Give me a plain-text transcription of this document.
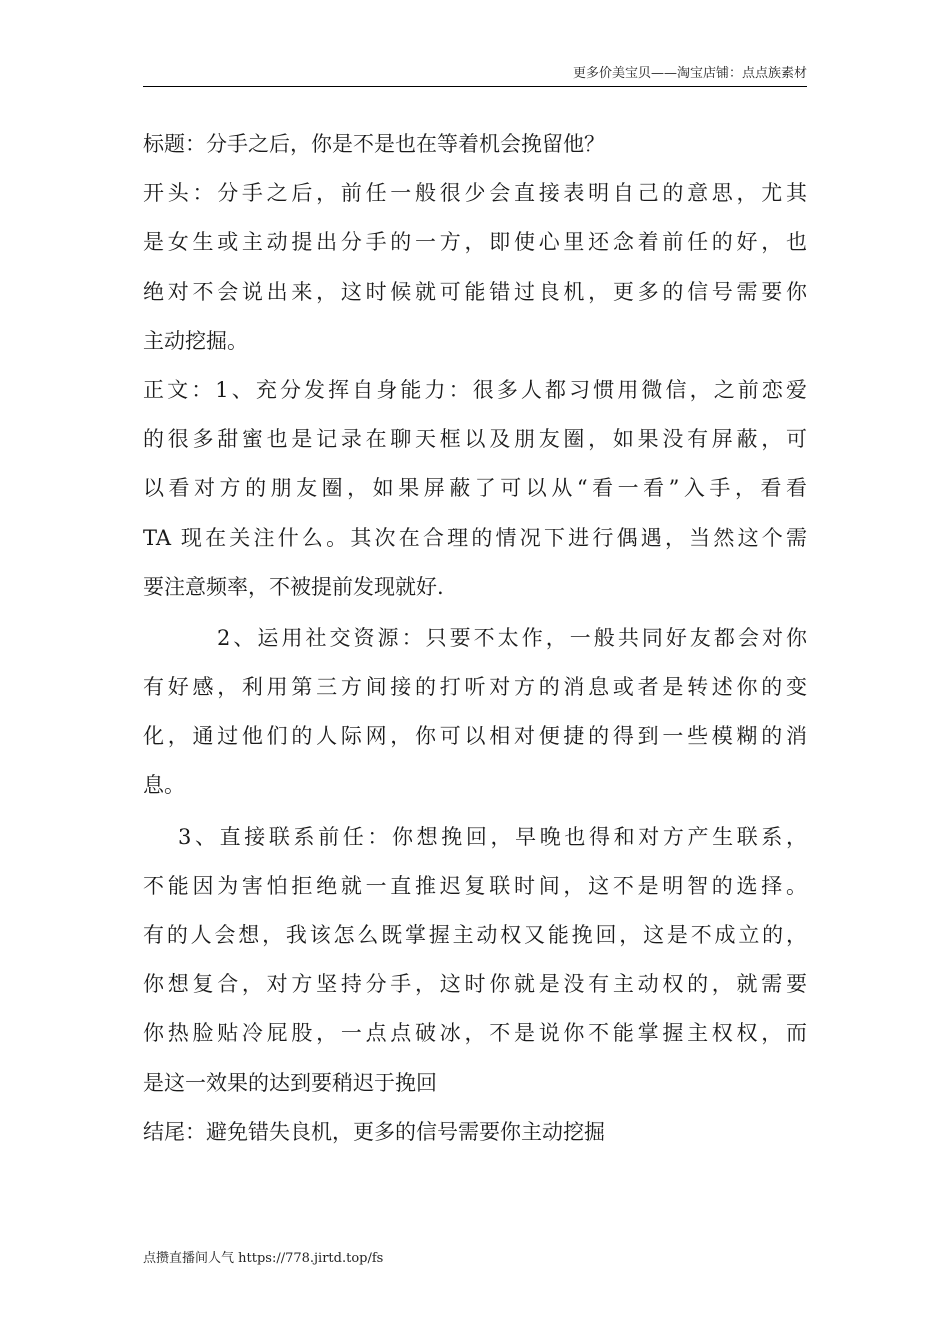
更多价美宝贝——淘宝店铺：点点族素材
标题：分手之后，你是不是也在等着机会挽留他？
开头：分手之后，前任一般很少会直接表明自己的意思，尤其
是女生或主动提出分手的一方，即使心里还念着前任的好，也
绝对不会说出来，这时候就可能错过良机，更多的信号需要你
主动挖掘。
正文：1、充分发挥自身能力：很多人都习惯用微信，之前恋爱
的很多甜蜜也是记录在聊天框以及朋友圈，如果没有屏蔽，可
以看对方的朋友圈，如果屏蔽了可以从“看一看”入手，看看
TA 现在关注什么。其次在合理的情况下进行偶遇，当然这个需
要注意频率，不被提前发现就好.
2、运用社交资源：只要不太作，一般共同好友都会对你
有好感，利用第三方间接的打听对方的消息或者是转述你的变
化，通过他们的人际网，你可以相对便捷的得到一些模糊的消
息。
3、直接联系前任：你想挽回，早晚也得和对方产生联系，
不能因为害怕拒绝就一直推迟复联时间，这不是明智的选择。
有的人会想，我该怎么既掌握主动权又能挽回，这是不成立的，
你想复合，对方坚持分手，这时你就是没有主动权的，就需要
你热脸贴冷屁股，一点点破冰，不是说你不能掌握主权权，而
是这一效果的达到要稍迟于挽回
结尾：避免错失良机，更多的信号需要你主动挖掘
点攒直播间人气 https://778.jirtd.top/fs
